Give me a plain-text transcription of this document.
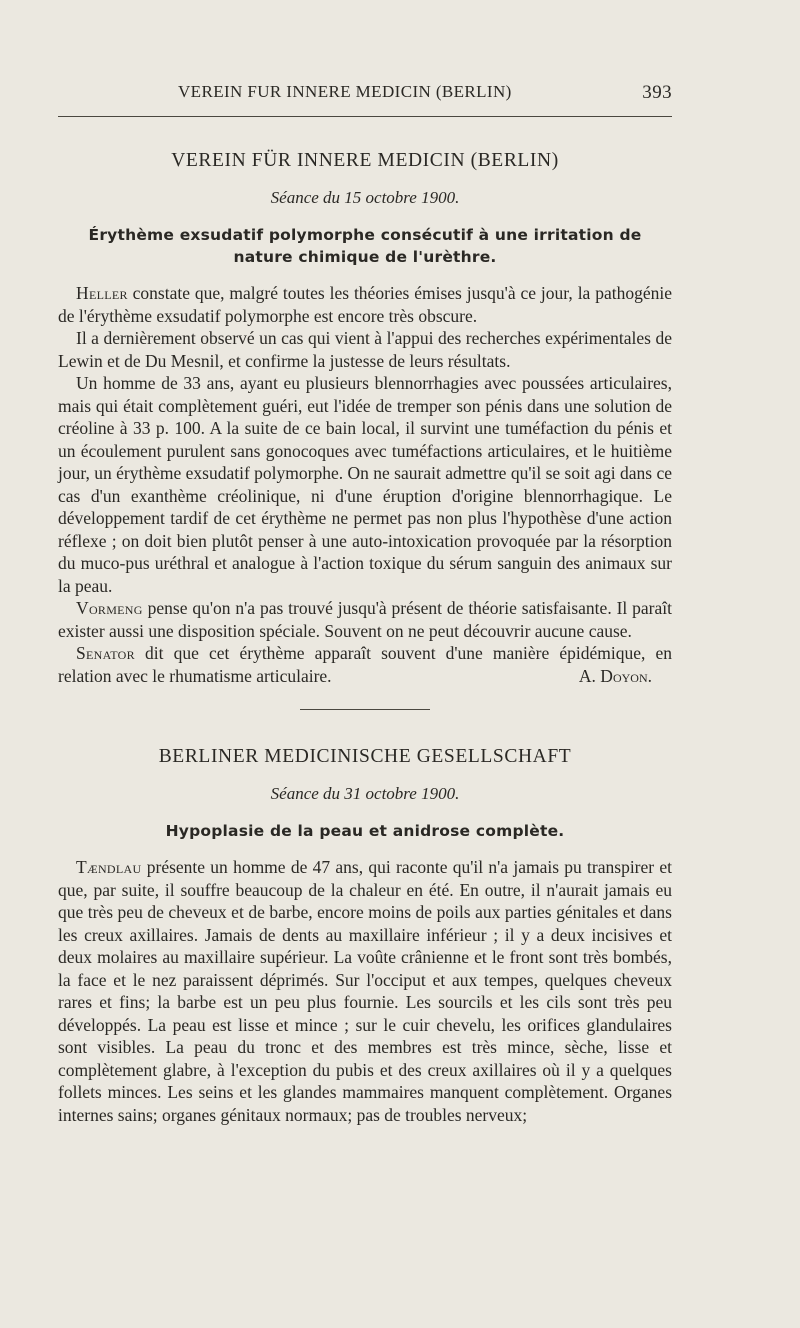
VEREIN FUR INNERE MEDICIN (BERLIN)	393
VEREIN FÜR INNERE MEDICIN (BERLIN)

Séance du 15 octobre 1900.

Érythème exsudatif polymorphe consécutif à une irritation de nature chimique de l'urèthre.

Heller constate que, malgré toutes les théories émises jusqu'à ce jour, la pathogénie de l'érythème exsudatif polymorphe est encore très obscure.

Il a dernièrement observé un cas qui vient à l'appui des recherches expérimentales de Lewin et de Du Mesnil, et confirme la justesse de leurs résultats.

Un homme de 33 ans, ayant eu plusieurs blennorrhagies avec poussées articulaires, mais qui était complètement guéri, eut l'idée de tremper son pénis dans une solution de créoline à 33 p. 100. A la suite de ce bain local, il survint une tuméfaction du pénis et un écoulement purulent sans gonocoques avec tuméfactions articulaires, et le huitième jour, un érythème exsudatif polymorphe. On ne saurait admettre qu'il se soit agi dans ce cas d'un exanthème créolinique, ni d'une éruption d'origine blennorrhagique. Le développement tardif de cet érythème ne permet pas non plus l'hypothèse d'une action réflexe ; on doit bien plutôt penser à une auto-intoxication provoquée par la résorption du muco-pus uréthral et analogue à l'action toxique du sérum sanguin des animaux sur la peau.

Vormeng pense qu'on n'a pas trouvé jusqu'à présent de théorie satisfaisante. Il paraît exister aussi une disposition spéciale. Souvent on ne peut découvrir aucune cause.

Senator dit que cet érythème apparaît souvent d'une manière épidémique, en relation avec le rhumatisme articulaire.	A. Doyon.

BERLINER MEDICINISCHE GESELLSCHAFT

Séance du 31 octobre 1900.

Hypoplasie de la peau et anidrose complète.

Tændlau présente un homme de 47 ans, qui raconte qu'il n'a jamais pu transpirer et que, par suite, il souffre beaucoup de la chaleur en été. En outre, il n'aurait jamais eu que très peu de cheveux et de barbe, encore moins de poils aux parties génitales et dans les creux axillaires. Jamais de dents au maxillaire inférieur ; il y a deux incisives et deux molaires au maxillaire supérieur. La voûte crânienne et le front sont très bombés, la face et le nez paraissent déprimés. Sur l'occiput et aux tempes, quelques cheveux rares et fins; la barbe est un peu plus fournie. Les sourcils et les cils sont très peu développés. La peau est lisse et mince ; sur le cuir chevelu, les orifices glandulaires sont visibles. La peau du tronc et des membres est très mince, sèche, lisse et complètement glabre, à l'exception du pubis et des creux axillaires où il y a quelques follets minces. Les seins et les glandes mammaires manquent complètement. Organes internes sains; organes génitaux normaux; pas de troubles nerveux;
